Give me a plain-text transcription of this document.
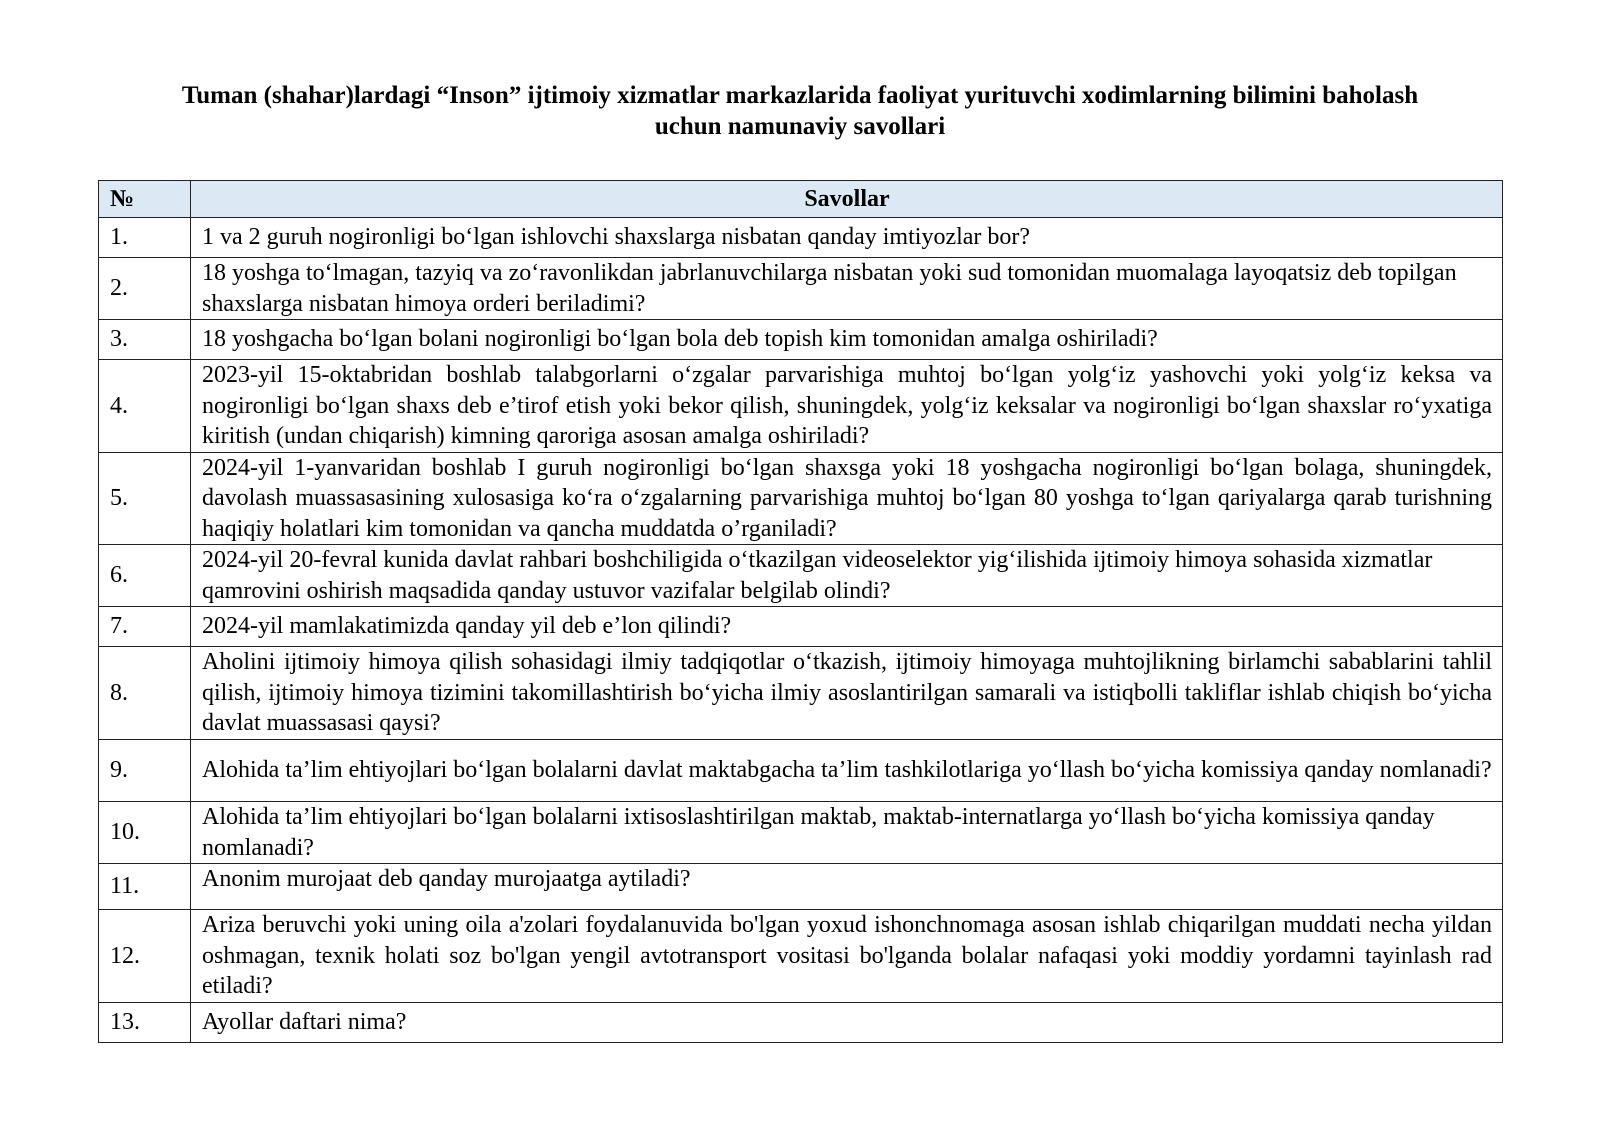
Tuman (shahar)lardagi “Inson” ijtimoiy xizmatlar markazlarida faoliyat yurituvchi xodimlarning bilimini baholash
uchun namunaviy savollari
№	Savollar
1.	1 va 2 guruh nogironligi bo‘lgan ishlovchi shaxslarga nisbatan qanday imtiyozlar bor?
2.	18 yoshga to‘lmagan, tazyiq va zo‘ravonlikdan jabrlanuvchilarga nisbatan yoki sud tomonidan muomalaga layoqatsiz deb topilgan shaxslarga nisbatan himoya orderi beriladimi?
3.	18 yoshgacha bo‘lgan bolani nogironligi bo‘lgan bola deb topish kim tomonidan amalga oshiriladi?
4.	2023-yil 15-oktabridan boshlab talabgorlarni o‘zgalar parvarishiga muhtoj bo‘lgan yolg‘iz yashovchi yoki yolg‘iz keksa va nogironligi bo‘lgan shaxs deb e’tirof etish yoki bekor qilish, shuningdek, yolg‘iz keksalar va nogironligi bo‘lgan shaxslar ro‘yxatiga kiritish (undan chiqarish) kimning qaroriga asosan amalga oshiriladi?
5.	2024-yil 1-yanvaridan boshlab I guruh nogironligi bo‘lgan shaxsga yoki 18 yoshgacha nogironligi bo‘lgan bolaga, shuningdek, davolash muassasasining xulosasiga ko‘ra o‘zgalarning parvarishiga muhtoj bo‘lgan 80 yoshga to‘lgan qariyalarga qarab turishning haqiqiy holatlari kim tomonidan va qancha muddatda o’rganiladi?
6.	2024-yil 20-fevral kunida davlat rahbari boshchiligida o‘tkazilgan videoselektor yig‘ilishida ijtimoiy himoya sohasida xizmatlar qamrovini oshirish maqsadida qanday ustuvor vazifalar belgilab olindi?
7.	2024-yil mamlakatimizda qanday yil deb e’lon qilindi?
8.	Aholini ijtimoiy himoya qilish sohasidagi ilmiy tadqiqotlar o‘tkazish, ijtimoiy himoyaga muhtojlikning birlamchi sabablarini tahlil qilish, ijtimoiy himoya tizimini takomillashtirish bo‘yicha ilmiy asoslantirilgan samarali va istiqbolli takliflar ishlab chiqish bo‘yicha davlat muassasasi qaysi?
9.	Alohida ta’lim ehtiyojlari bo‘lgan bolalarni davlat maktabgacha ta’lim tashkilotlariga yo‘llash bo‘yicha komissiya qanday nomlanadi?
10.	Alohida ta’lim ehtiyojlari bo‘lgan bolalarni ixtisoslashtirilgan maktab, maktab-internatlarga yo‘llash bo‘yicha komissiya qanday nomlanadi?
11.	Anonim murojaat deb qanday murojaatga aytiladi?
12.	Ariza beruvchi yoki uning oila a'zolari foydalanuvida bo'lgan yoxud ishonchnomaga asosan ishlab chiqarilgan muddati necha yildan oshmagan, texnik holati soz bo'lgan yengil avtotransport vositasi bo'lganda bolalar nafaqasi yoki moddiy yordamni tayinlash rad etiladi?
13.	Ayollar daftari nima?
